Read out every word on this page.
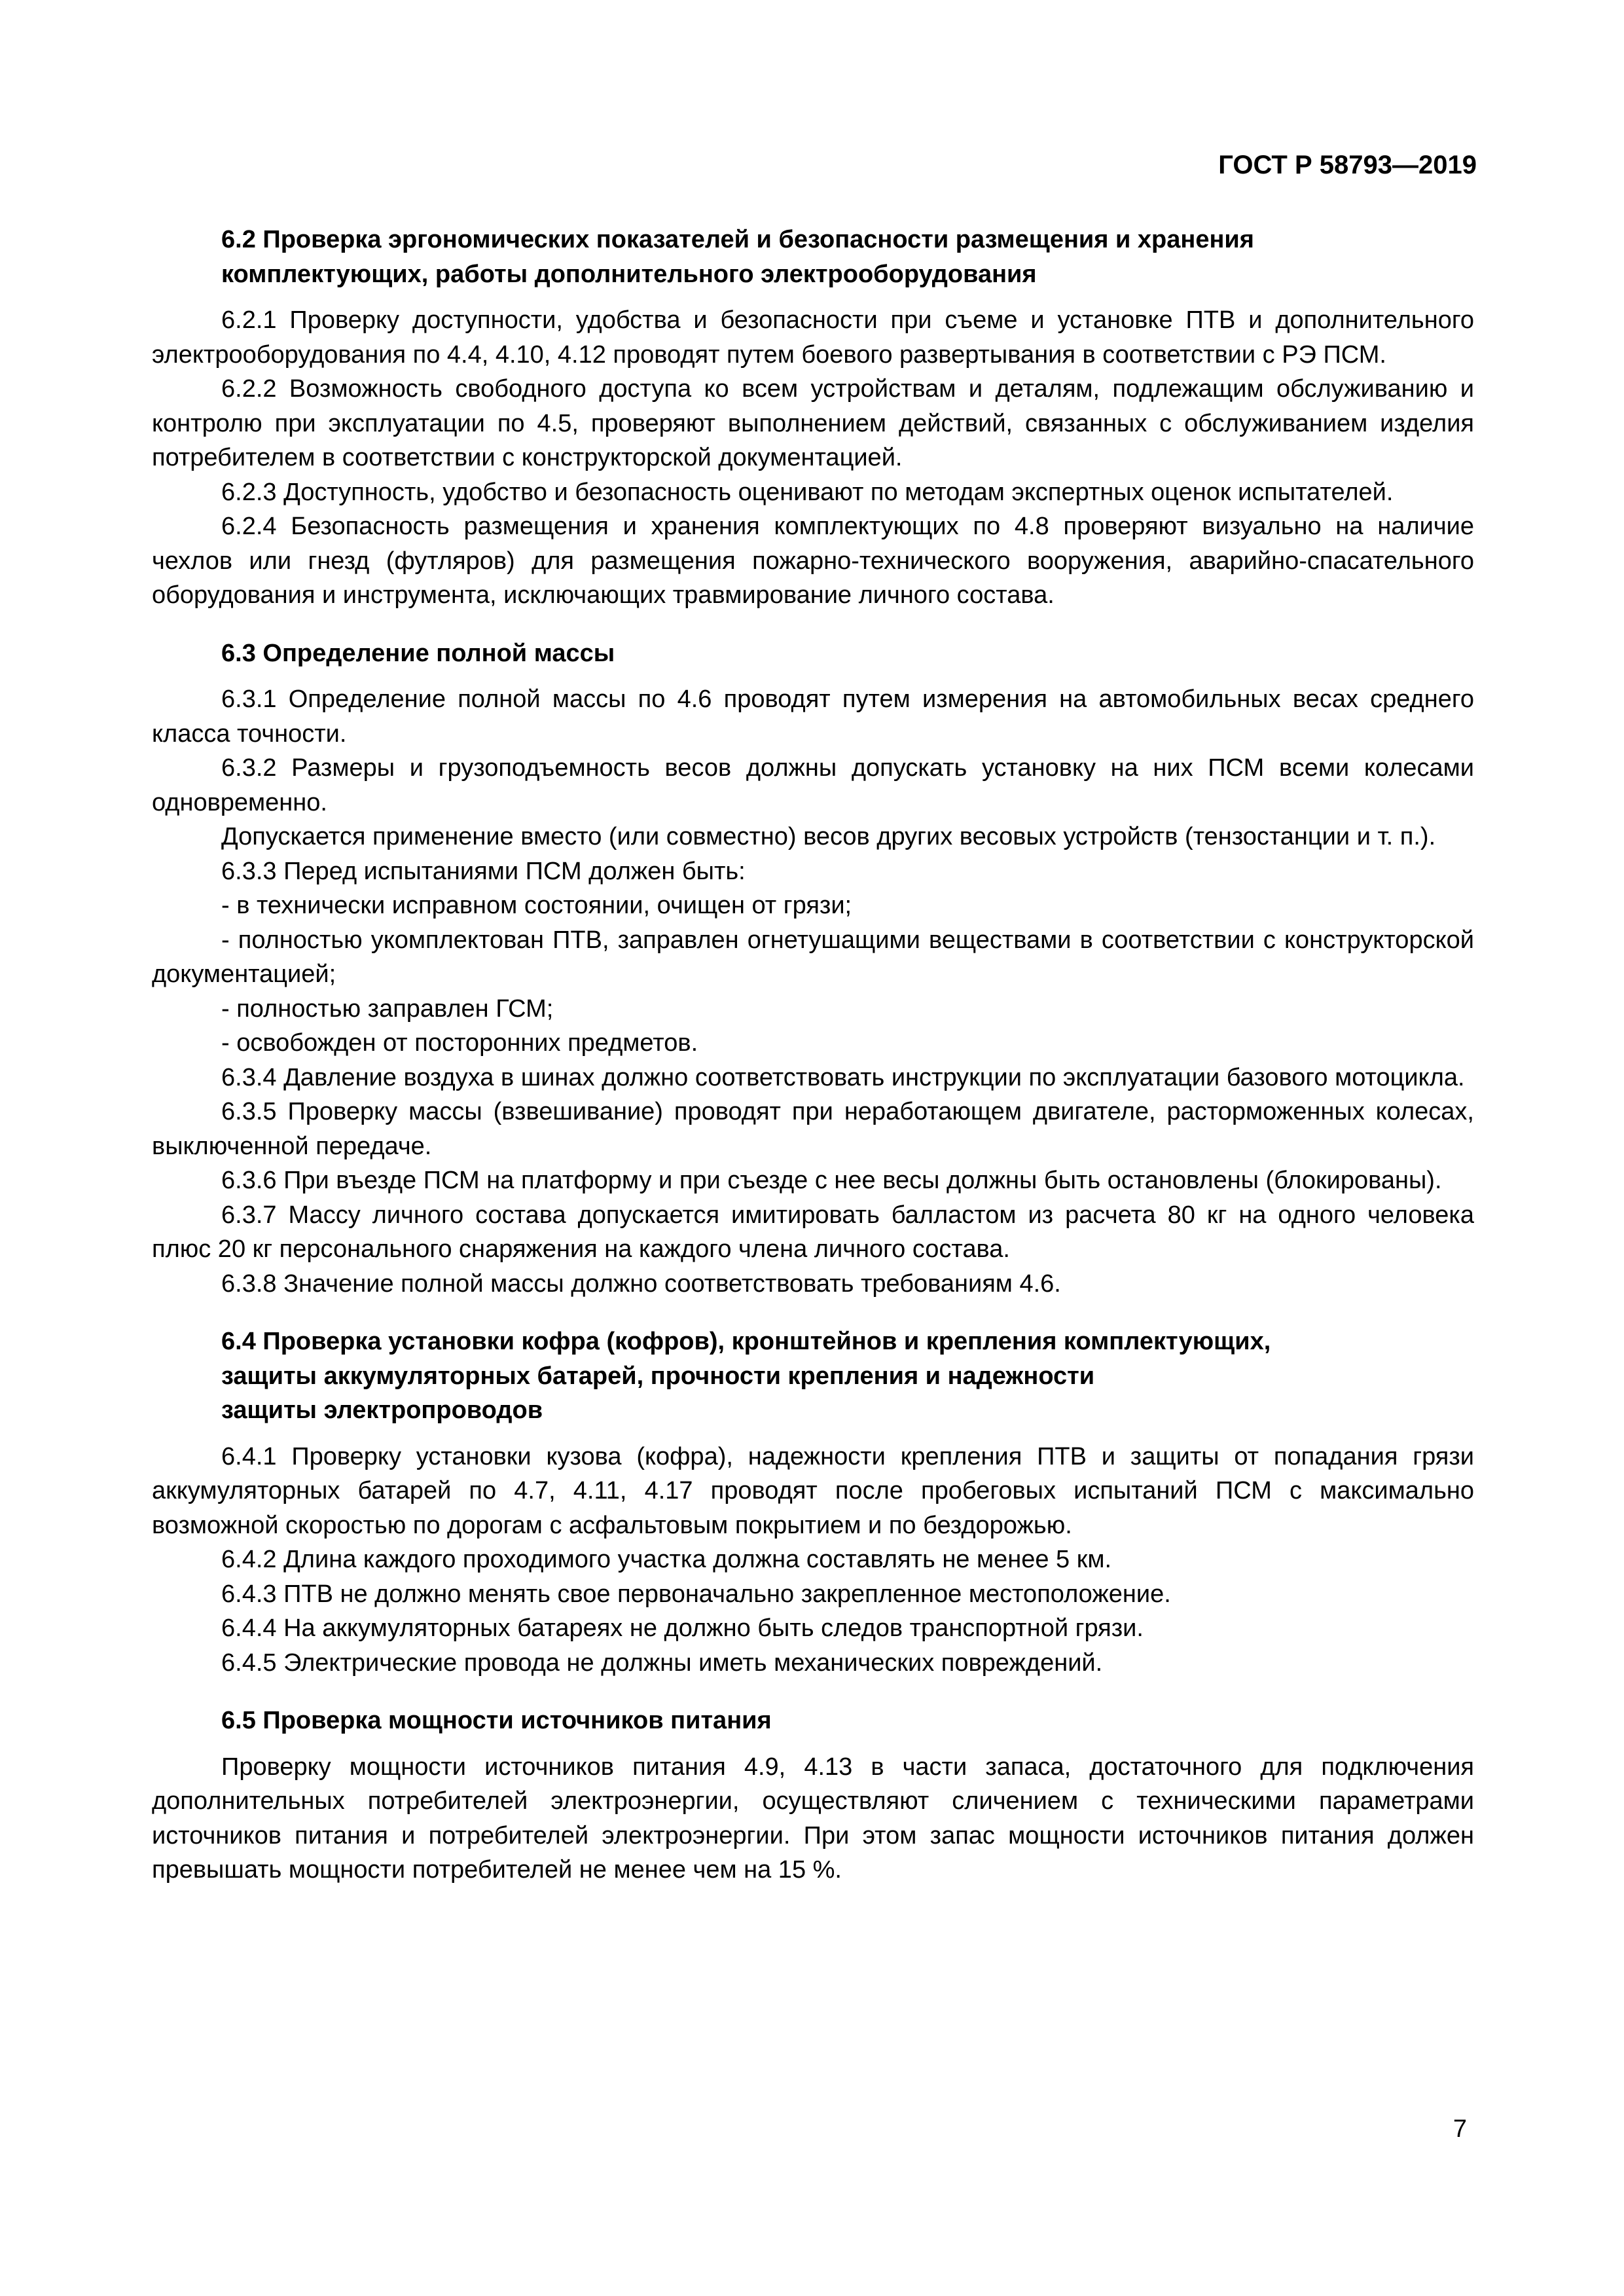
ГОСТ Р 58793—2019
6.2 Проверка эргономических показателей и безопасности размещения и хранения
комплектующих, работы дополнительного электрооборудования

6.2.1 Проверку доступности, удобства и безопасности при съеме и установке ПТВ и дополнительного электрооборудования по 4.4, 4.10, 4.12 проводят путем боевого развертывания в соответствии с РЭ ПСМ.

6.2.2 Возможность свободного доступа ко всем устройствам и деталям, подлежащим обслуживанию и контролю при эксплуатации по 4.5, проверяют выполнением действий, связанных с обслуживанием изделия потребителем в соответствии с конструкторской документацией.

6.2.3 Доступность, удобство и безопасность оценивают по методам экспертных оценок испытателей.

6.2.4 Безопасность размещения и хранения комплектующих по 4.8 проверяют визуально на наличие чехлов или гнезд (футляров) для размещения пожарно-технического вооружения, аварийно-спасательного оборудования и инструмента, исключающих травмирование личного состава.

6.3 Определение полной массы

6.3.1 Определение полной массы по 4.6 проводят путем измерения на автомобильных весах среднего класса точности.

6.3.2 Размеры и грузоподъемность весов должны допускать установку на них ПСМ всеми колесами одновременно.

Допускается применение вместо (или совместно) весов других весовых устройств (тензостанции и т. п.).

6.3.3 Перед испытаниями ПСМ должен быть:

- в технически исправном состоянии, очищен от грязи;

- полностью укомплектован ПТВ, заправлен огнетушащими веществами в соответствии с конструкторской документацией;

- полностью заправлен ГСМ;

- освобожден от посторонних предметов.

6.3.4 Давление воздуха в шинах должно соответствовать инструкции по эксплуатации базового мотоцикла.

6.3.5 Проверку массы (взвешивание) проводят при неработающем двигателе, расторможенных колесах, выключенной передаче.

6.3.6 При въезде ПСМ на платформу и при съезде с нее весы должны быть остановлены (блокированы).

6.3.7 Массу личного состава допускается имитировать балластом из расчета 80 кг на одного человека плюс 20 кг персонального снаряжения на каждого члена личного состава.

6.3.8 Значение полной массы должно соответствовать требованиям 4.6.

6.4 Проверка установки кофра (кофров), кронштейнов и крепления комплектующих,
защиты аккумуляторных батарей, прочности крепления и надежности
защиты электропроводов

6.4.1 Проверку установки кузова (кофра), надежности крепления ПТВ и защиты от попадания грязи аккумуляторных батарей по 4.7, 4.11, 4.17 проводят после пробеговых испытаний ПСМ с максимально возможной скоростью по дорогам с асфальтовым покрытием и по бездорожью.

6.4.2 Длина каждого проходимого участка должна составлять не менее 5 км.

6.4.3 ПТВ не должно менять свое первоначально закрепленное местоположение.

6.4.4 На аккумуляторных батареях не должно быть следов транспортной грязи.

6.4.5 Электрические провода не должны иметь механических повреждений.

6.5 Проверка мощности источников питания

Проверку мощности источников питания 4.9, 4.13 в части запаса, достаточного для подключения дополнительных потребителей электроэнергии, осуществляют сличением с техническими параметрами источников питания и потребителей электроэнергии. При этом запас мощности источников питания должен превышать мощности потребителей не менее чем на 15 %.

7
